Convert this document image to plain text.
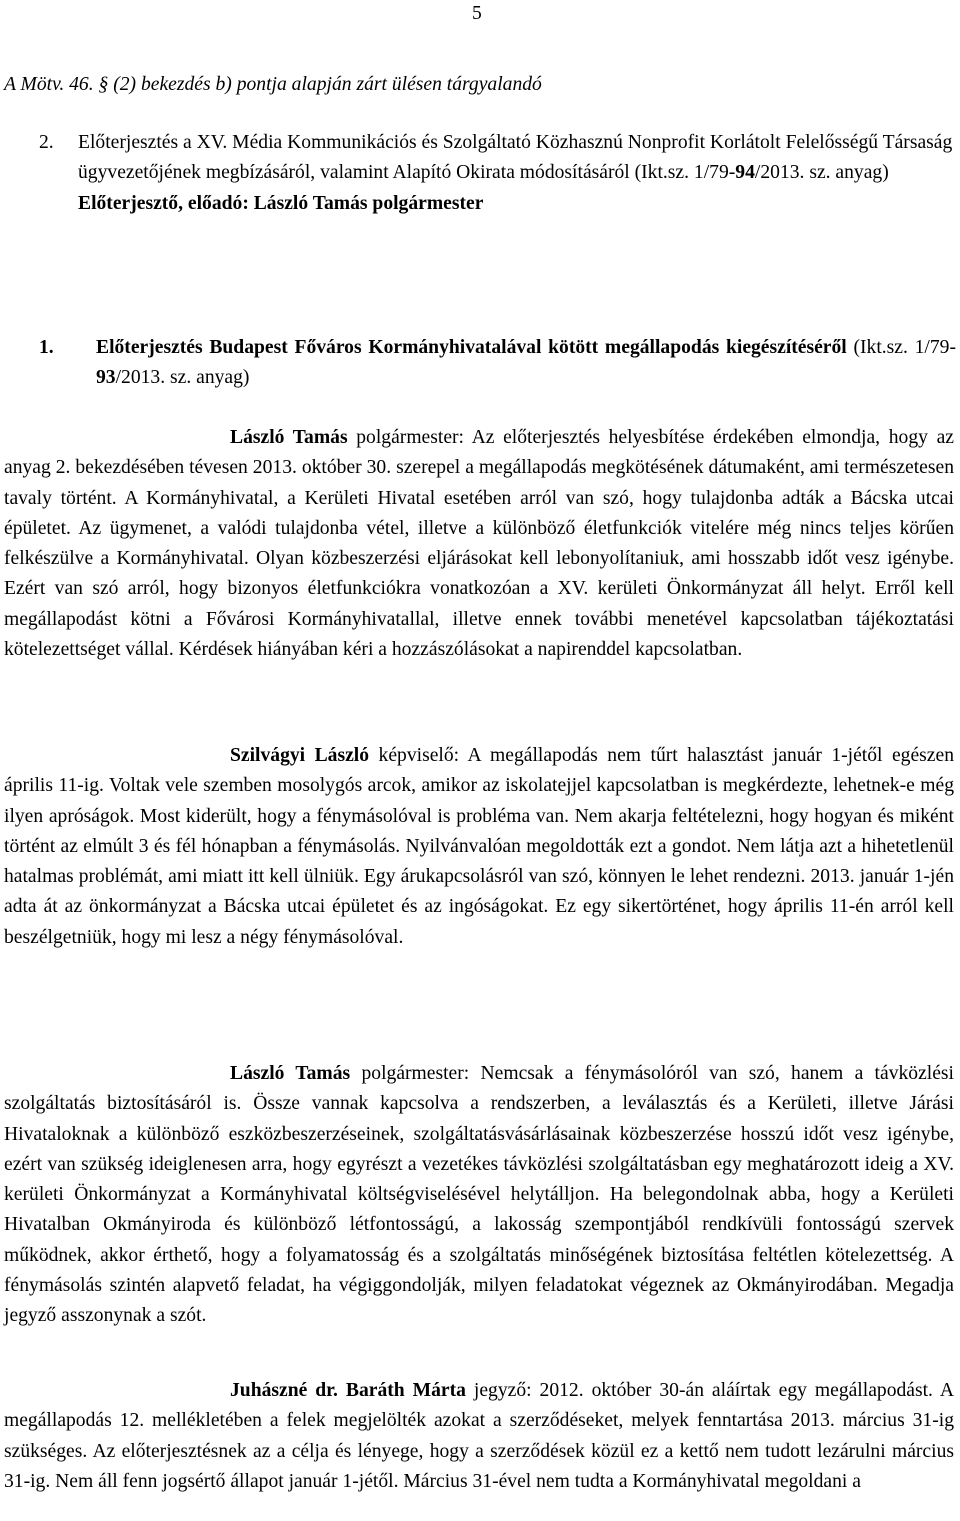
5
A Mötv. 46. § (2) bekezdés b) pontja alapján zárt ülésen tárgyalandó
2. Előterjesztés a XV. Média Kommunikációs és Szolgáltató Közhasznú Nonprofit Korlátolt Felelősségű Társaság ügyvezetőjének megbízásáról, valamint Alapító Okirata módosításáról (Ikt.sz. 1/79-94/2013. sz. anyag)
Előterjesztő, előadó: László Tamás polgármester
1. Előterjesztés Budapest Főváros Kormányhivatalával kötött megállapodás kiegészítéséről (Ikt.sz. 1/79-93/2013. sz. anyag)
László Tamás polgármester: Az előterjesztés helyesbítése érdekében elmondja, hogy az anyag 2. bekezdésében tévesen 2013. október 30. szerepel a megállapodás megkötésének dátumaként, ami természetesen tavaly történt. A Kormányhivatal, a Kerületi Hivatal esetében arról van szó, hogy tulajdonba adták a Bácska utcai épületet. Az ügymenet, a valódi tulajdonba vétel, illetve a különböző életfunkciók vitelére még nincs teljes körűen felkészülve a Kormányhivatal. Olyan közbeszerzési eljárásokat kell lebonyolítaniuk, ami hosszabb időt vesz igénybe. Ezért van szó arról, hogy bizonyos életfunkciókra vonatkozóan a XV. kerületi Önkormányzat áll helyt. Erről kell megállapodást kötni a Fővárosi Kormányhivatallal, illetve ennek további menetével kapcsolatban tájékoztatási kötelezettséget vállal. Kérdések hiányában kéri a hozzászólásokat a napirenddel kapcsolatban.
Szilvágyi László képviselő: A megállapodás nem tűrt halasztást január 1-jétől egészen április 11-ig. Voltak vele szemben mosolygós arcok, amikor az iskolatejjel kapcsolatban is megkérdezte, lehetnek-e még ilyen apróságok. Most kiderült, hogy a fénymásolóval is probléma van. Nem akarja feltételezni, hogy hogyan és miként történt az elmúlt 3 és fél hónapban a fénymásolás. Nyilvánvalóan megoldották ezt a gondot. Nem látja azt a hihetetlenül hatalmas problémát, ami miatt itt kell ülniük. Egy árukapcsolásról van szó, könnyen le lehet rendezni. 2013. január 1-jén adta át az önkormányzat a Bácska utcai épületet és az ingóságokat. Ez egy sikertörténet, hogy április 11-én arról kell beszélgetniük, hogy mi lesz a négy fénymásolóval.
László Tamás polgármester: Nemcsak a fénymásolóról van szó, hanem a távközlési szolgáltatás biztosításáról is. Össze vannak kapcsolva a rendszerben, a leválasztás és a Kerületi, illetve Járási Hivataloknak a különböző eszközbeszerzéseinek, szolgáltatásvásárlásainak közbeszerzése hosszú időt vesz igénybe, ezért van szükség ideiglenesen arra, hogy egyrészt a vezetékes távközlési szolgáltatásban egy meghatározott ideig a XV. kerületi Önkormányzat a Kormányhivatal költségviselésével helytálljon. Ha belegondolnak abba, hogy a Kerületi Hivatalban Okmányiroda és különböző létfontosságú, a lakosság szempontjából rendkívüli fontosságú szervek működnek, akkor érthető, hogy a folyamatosság és a szolgáltatás minőségének biztosítása feltétlen kötelezettség. A fénymásolás szintén alapvető feladat, ha végiggondolják, milyen feladatokat végeznek az Okmányirodában. Megadja jegyző asszonynak a szót.
Juhászné dr. Baráth Márta jegyző: 2012. október 30-án aláírtak egy megállapodást. A megállapodás 12. mellékletében a felek megjelölték azokat a szerződéseket, melyek fenntartása 2013. március 31-ig szükséges. Az előterjesztésnek az a célja és lényege, hogy a szerződések közül ez a kettő nem tudott lezárulni március 31-ig. Nem áll fenn jogsértő állapot január 1-jétől. Március 31-ével nem tudta a Kormányhivatal megoldani a
